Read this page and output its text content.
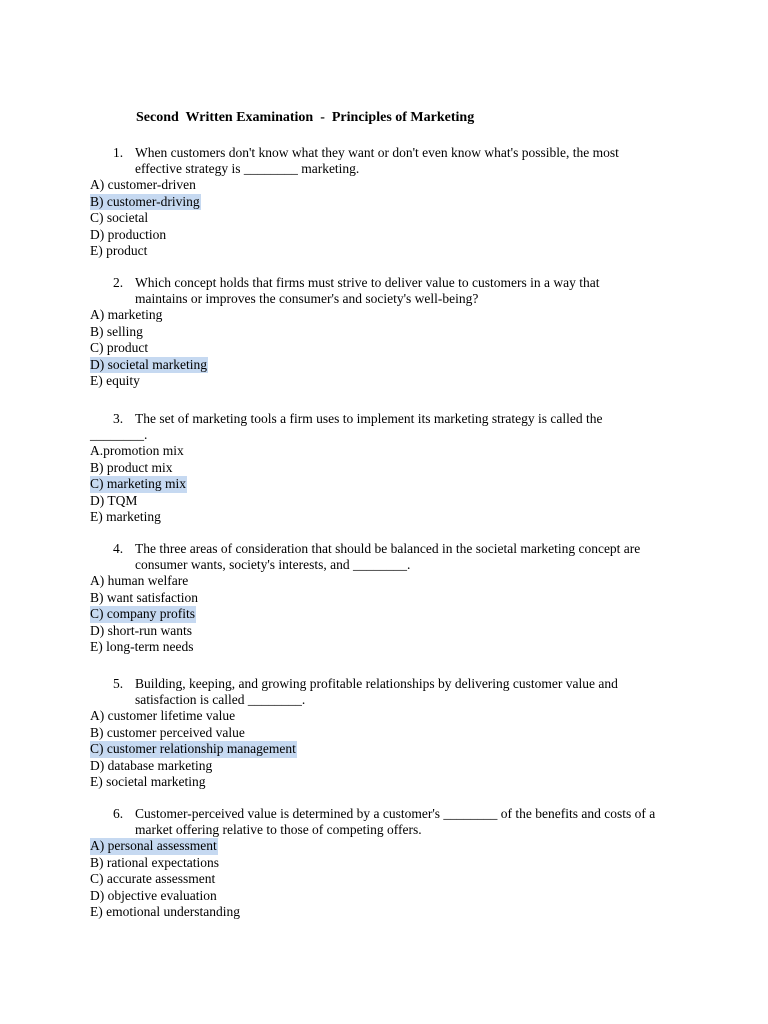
Second  Written Examination  -  Principles of Marketing
1. When customers don't know what they want or don't even know what's possible, the most
effective strategy is ________ marketing.
A) customer-driven
B) customer-driving
C) societal
D) production
E) product
2. Which concept holds that firms must strive to deliver value to customers in a way that
maintains or improves the consumer's and society's well-being?
A) marketing
B) selling
C) product
D) societal marketing
E) equity
3. The set of marketing tools a firm uses to implement its marketing strategy is called the
________.
A.promotion mix
B) product mix
C) marketing mix
D) TQM
E) marketing
4. The three areas of consideration that should be balanced in the societal marketing concept are
consumer wants, society's interests, and ________.
A) human welfare
B) want satisfaction
C) company profits
D) short-run wants
E) long-term needs
5. Building, keeping, and growing profitable relationships by delivering customer value and
satisfaction is called ________.
A) customer lifetime value
B) customer perceived value
C) customer relationship management
D) database marketing
E) societal marketing
6. Customer-perceived value is determined by a customer's ________ of the benefits and costs of a
market offering relative to those of competing offers.
A) personal assessment
B) rational expectations
C) accurate assessment
D) objective evaluation
E) emotional understanding
